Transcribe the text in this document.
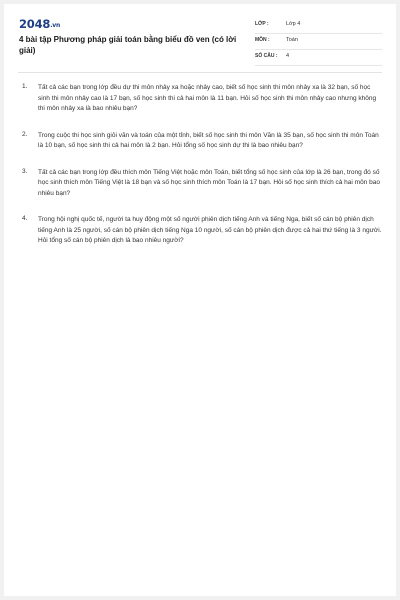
2048.vn
4 bài tập Phương pháp giải toán bằng biểu đồ ven (có lời giải)
LỚP :	Lớp 4
MÔN :	Toán
SỐ CÂU : 4
1. Tất cả các bạn trong lớp đều dự thi môn nhảy xa hoặc nhảy cao, biết số học sinh thi môn nhảy xa là 32 bạn, số học sinh thi môn nhảy cao là 17 bạn, số học sinh thi cả hai môn là 11 bạn. Hỏi số học sinh thi môn nhảy cao nhưng không thi môn nhảy xa là bao nhiêu bạn?
2. Trong cuộc thi học sinh giỏi văn và toán của một tỉnh, biết số học sinh thi môn Văn là 35 bạn, số học sinh thi môn Toán là 10 bạn, số học sinh thi cả hai môn là 2 bạn. Hỏi tổng số học sinh dự thi là bao nhiêu bạn?
3. Tất cả các bạn trong lớp đều thích môn Tiếng Việt hoặc môn Toán, biết tổng số học sinh của lớp là 26 bạn, trong đó số học sinh thích môn Tiếng Việt là 18 bạn và số học sinh thích môn Toán là 17 bạn. Hỏi số học sinh thích cả hai môn bao nhiêu bạn?
4. Trong hội nghị quốc tế, người ta huy động một số người phiên dịch tiếng Anh và tiếng Nga, biết số cán bộ phiên dịch tiếng Anh là 25 người, số cán bộ phiên dịch tiếng Nga 10 người, số cán bộ phiên dịch được cả hai thứ tiếng là 3 người. Hỏi tổng số cán bộ phiên dịch là bao nhiêu người?
